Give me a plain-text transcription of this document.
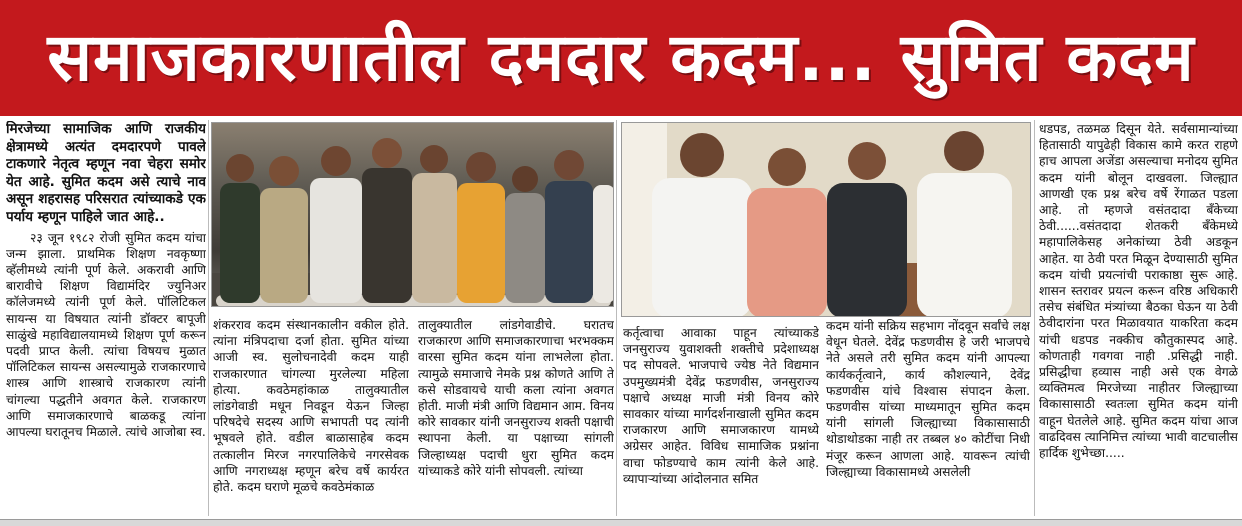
समाजकारणातील दमदार कदम... सुमित कदम

मिरजेच्या सामाजिक आणि राजकीय क्षेत्रामध्ये अत्यंत दमदारपणे पावले टाकणारे नेतृत्व म्हणून नवा चेहरा समोर येत आहे. सुमित कदम असे त्याचे नाव असून शहरासह परिसरात त्यांच्याकडे एक पर्याय म्हणून पाहिले जात आहे..

२३ जून १९८२ रोजी सुमित कदम यांचा जन्म झाला. प्राथमिक शिक्षण नवकृष्णा व्हॅलीमध्ये त्यांनी पूर्ण केले. अकरावी आणि बारावीचे शिक्षण विद्यामंदिर ज्युनिअर कॉलेजमध्ये त्यांनी पूर्ण केले. पॉलिटिकल सायन्स या विषयात त्यांनी डॉक्टर बापूजी साळुंखे महाविद्यालयामध्ये शिक्षण पूर्ण करून पदवी प्राप्त केली. त्यांचा विषयच मुळात पॉलिटिकल सायन्स असल्यामुळे राजकारणाचे शास्त्र आणि शास्त्राचे राजकारण त्यांनी चांगल्या पद्धतीने अवगत केले. राजकारण आणि समाजकारणाचे बाळकडू त्यांना आपल्या घरातूनच मिळाले. त्यांचे आजोबा स्व.

शंकरराव कदम संस्थानकालीन वकील होते. त्यांना मंत्रिपदाचा दर्जा होता. सुमित यांच्या आजी स्व. सुलोचनादेवी कदम याही राजकारणात चांगल्या मुरलेल्या महिला होत्या. कवठेमहांकाळ तालुक्यातील लांडगेवाडी मधून निवडून येऊन जिल्हा परिषदेचे सदस्य आणि सभापती पद त्यांनी भूषवले होते. वडील बाळासाहेब कदम तत्कालीन मिरज नगरपालिकेचे नगरसेवक आणि नगराध्यक्ष म्हणून बरेच वर्षे कार्यरत होते. कदम घराणे मूळचे कवठेमंकाळ

तालुक्यातील लांडगेवाडीचे. घरातच राजकारण आणि समाजकारणाचा भरभक्कम वारसा सुमित कदम यांना लाभलेला होता. त्यामुळे समाजाचे नेमके प्रश्न कोणते आणि ते कसे सोडवायचे याची कला त्यांना अवगत होती. माजी मंत्री आणि विद्यमान आम. विनय कोरे सावकार यांनी जनसुराज्य शक्ती पक्षाची स्थापना केली. या पक्षाच्या सांगली जिल्हाध्यक्ष पदाची धुरा सुमित कदम यांच्याकडे कोरे यांनी सोपवली. त्यांच्या

कर्तृत्वाचा आवाका पाहून त्यांच्याकडे जनसुराज्य युवाशक्ती शक्तीचे प्रदेशाध्यक्ष पद सोपवले. भाजपाचे ज्येष्ठ नेते विद्यमान उपमुख्यमंत्री देवेंद्र फडणवीस, जनसुराज्य पक्षाचे अध्यक्ष माजी मंत्री विनय कोरे सावकार यांच्या मार्गदर्शनाखाली सुमित कदम राजकारण आणि समाजकारण यामध्ये अग्रेसर आहेत. विविध सामाजिक प्रश्नांना वाचा फोडण्याचे काम त्यांनी केले आहे. व्यापाऱ्यांच्या आंदोलनात समित

कदम यांनी सक्रिय सहभाग नोंदवून सर्वांचे लक्ष वेधून घेतले. देवेंद्र फडणवीस हे जरी भाजपचे नेते असले तरी सुमित कदम यांनी आपल्या कार्यकर्तृत्वाने, कार्य कौशल्याने, देवेंद्र फडणवीस यांचे विश्वास संपादन केला. फडणवीस यांच्या माध्यमातून सुमित कदम यांनी सांगली जिल्ह्याच्या विकासासाठी थोडाथोडका नाही तर तब्बल ४० कोटींचा निधी मंजूर करून आणला आहे. यावरून त्यांची जिल्ह्याच्या विकासामध्ये असलेली

धडपड, तळमळ दिसून येते. सर्वसामान्यांच्या हितासाठी यापुढेही विकास कामे करत राहणे हाच आपला अजेंडा असल्याचा मनोदय सुमित कदम यांनी बोलून दाखवला. जिल्ह्यात आणखी एक प्रश्न बरेच वर्षे रेंगाळत पडला आहे. तो म्हणजे वसंतदादा बँकेच्या ठेवी......वसंतदादा शेतकरी बँकेमध्ये महापालिकेसह अनेकांच्या ठेवी अडकून आहेत. या ठेवी परत मिळून देण्यासाठी सुमित कदम यांची प्रयत्नांची पराकाष्ठा सुरू आहे. शासन स्तरावर प्रयत्न करून वरिष्ठ अधिकारी तसेच संबंधित मंत्र्यांच्या बैठका घेऊन या ठेवी ठेवीदारांना परत मिळावयात याकरिता कदम यांची धडपड नक्कीच कौतुकास्पद आहे. कोणताही गवगवा नाही .प्रसिद्धी नाही. प्रसिद्धीचा हव्यास नाही असे एक वेगळे व्यक्तिमत्व मिरजेच्या नाहीतर जिल्ह्याच्या विकासासाठी स्वतःला सुमित कदम यांनी वाहून घेतलेले आहे. सुमित कदम यांचा आज वाढदिवस त्यानिमित्त त्यांच्या भावी वाटचालीस हार्दिक शुभेच्छा.....
